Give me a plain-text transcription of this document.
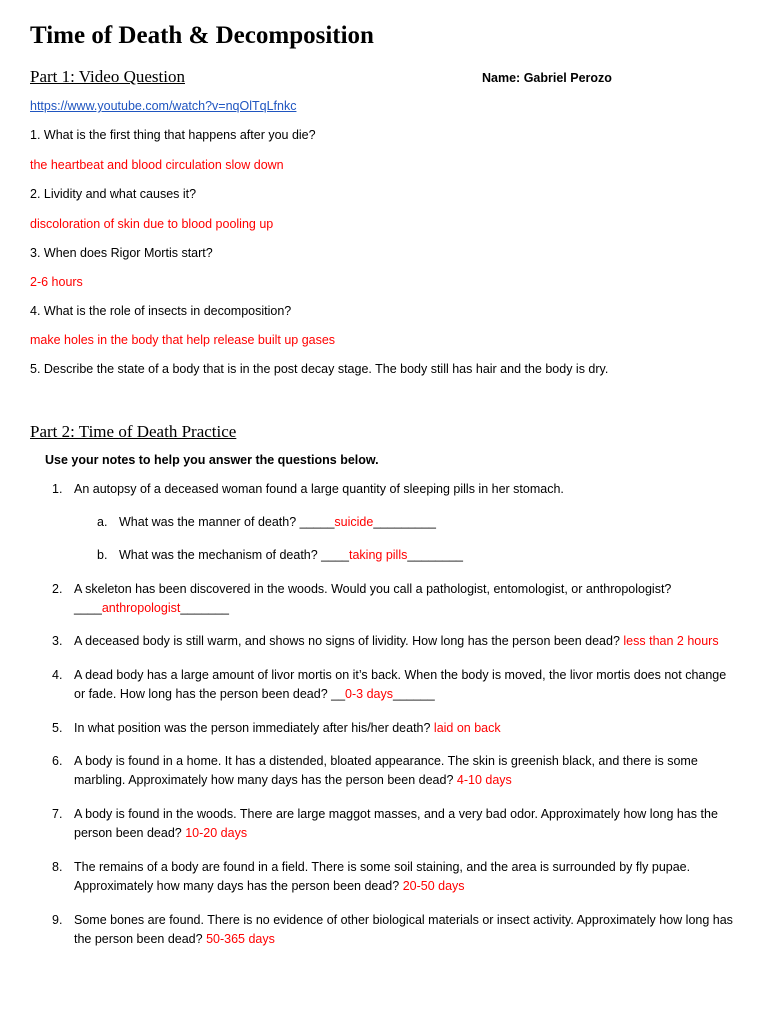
Time of Death & Decomposition
Part 1: Video Question	Name: Gabriel Perozo
https://www.youtube.com/watch?v=nqOlTqLfnkc
1. What is the first thing that happens after you die?
the heartbeat and blood circulation slow down
2. Lividity and what causes it?
discoloration of skin due to blood pooling up
3. When does Rigor Mortis start?
2-6 hours
4. What is the role of insects in decomposition?
make holes in the body that help release built up gases
5. Describe the state of a body that is in the post decay stage. The body still has hair and the body is dry.
Part 2: Time of Death Practice
Use your notes to help you answer the questions below.
1. An autopsy of a deceased woman found a large quantity of sleeping pills in her stomach.
a. What was the manner of death? _____suicide_________
b. What was the mechanism of death? ____taking pills________
2. A skeleton has been discovered in the woods. Would you call a pathologist, entomologist, or anthropologist?
____anthropologist_______
3. A deceased body is still warm, and shows no signs of lividity. How long has the person been dead? less than 2 hours
4. A dead body has a large amount of livor mortis on it’s back. When the body is moved, the livor mortis does not change or fade. How long has the person been dead? __0-3 days______
5. In what position was the person immediately after his/her death? laid on back
6. A body is found in a home. It has a distended, bloated appearance. The skin is greenish black, and there is some marbling. Approximately how many days has the person been dead? 4-10 days
7. A body is found in the woods. There are large maggot masses, and a very bad odor. Approximately how long has the person been dead? 10-20 days
8. The remains of a body are found in a field. There is some soil staining, and the area is surrounded by fly pupae. Approximately how many days has the person been dead? 20-50 days
9. Some bones are found. There is no evidence of other biological materials or insect activity. Approximately how long has the person been dead? 50-365 days
